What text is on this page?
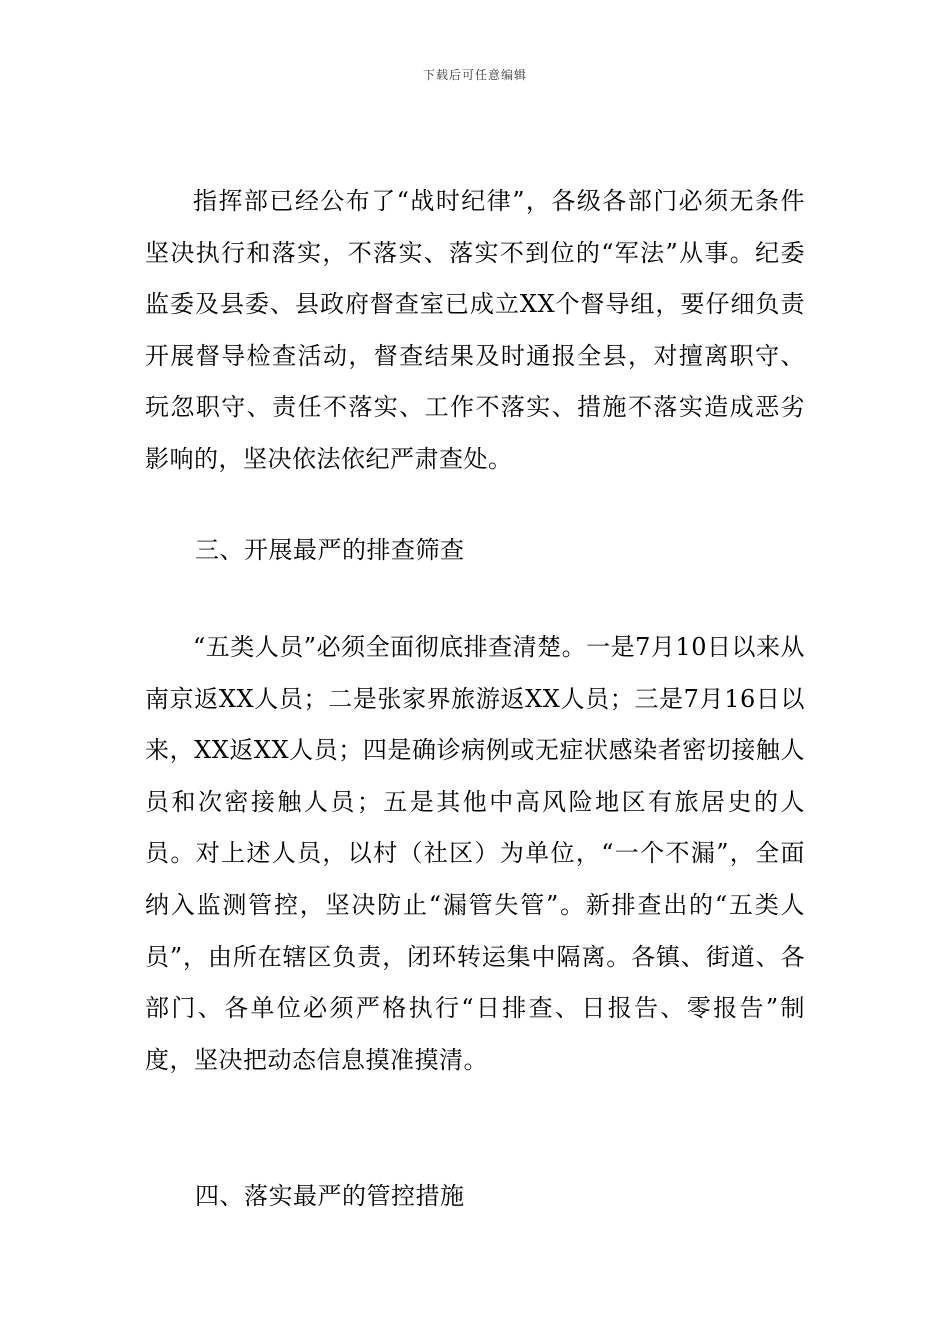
下载后可任意编辑
指挥部已经公布了“战时纪律”，各级各部门必须无条件坚决执行和落实，不落实、落实不到位的“军法”从事。纪委监委及县委、县政府督查室已成立XX个督导组，要仔细负责开展督导检查活动，督查结果及时通报全县，对擅离职守、玩忽职守、责任不落实、工作不落实、措施不落实造成恶劣影响的，坚决依法依纪严肃查处。
三、开展最严的排查筛查
“五类人员”必须全面彻底排查清楚。一是7月10日以来从南京返XX人员；二是张家界旅游返XX人员；三是7月16日以来，XX返XX人员；四是确诊病例或无症状感染者密切接触人员和次密接触人员；五是其他中高风险地区有旅居史的人员。对上述人员，以村（社区）为单位，“一个不漏”，全面纳入监测管控，坚决防止“漏管失管”。新排查出的“五类人员”，由所在辖区负责，闭环转运集中隔离。各镇、街道、各部门、各单位必须严格执行“日排查、日报告、零报告”制度，坚决把动态信息摸准摸清。
四、落实最严的管控措施
